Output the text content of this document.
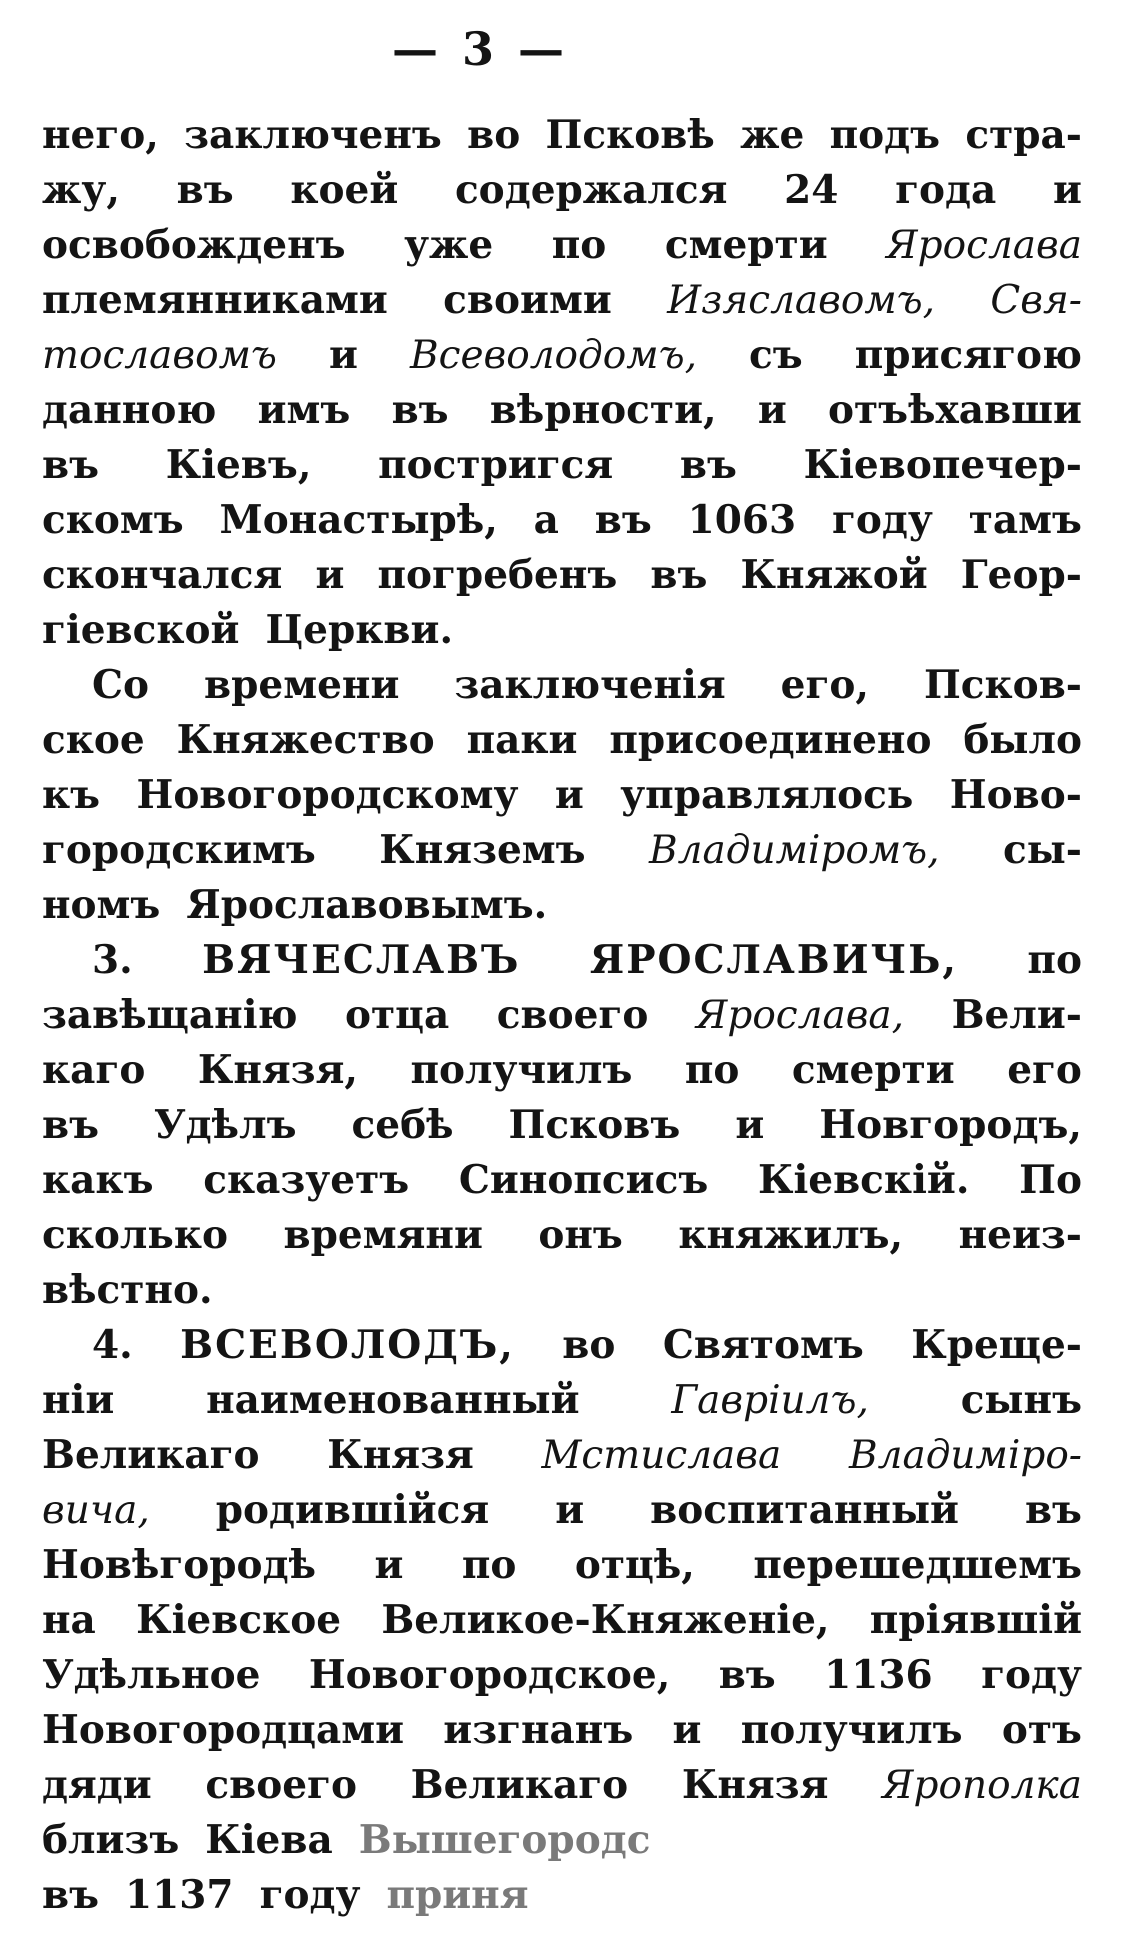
— 3 —
него, заключенъ во Псковѣ же подъ стра-
жу, въ коей содержался 24 года и
освобожденъ уже по смерти Ярослава
племянниками своими Изяславомъ, Свя-
тославомъ и Всеволодомъ, съ присягою
данною имъ въ вѣрности, и отъѣхавши
въ Кіевъ, постригся въ Кіевопечер-
скомъ Монастырѣ, а въ 1063 году тамъ
скончался и погребенъ въ Княжой Геор-
гіевской Церкви.
Со времени заключенія его, Псков-
ское Княжество паки присоединено было
къ Новогородскому и управлялось Ново-
городскимъ Княземъ Владиміромъ, сы-
номъ Ярославовымъ.
3. ВЯЧЕСЛАВЪ ЯРОСЛАВИЧЬ, по
завѣщанію отца своего Ярослава, Вели-
каго Князя, получилъ по смерти его
въ Удѣлъ себѣ Псковъ и Новгородъ,
какъ сказуетъ Синопсисъ Кіевскій. По
сколько времяни онъ княжилъ, неиз-
вѣстно.
4. ВСЕВОЛОДЪ, во Святомъ Креще-
ніи наименованный Гавріилъ, сынъ
Великаго Князя Мстислава Владиміро-
вича, родившійся и воспитанный въ
Новѣгородѣ и по отцѣ, перешедшемъ
на Кіевское Великое-Княженіе, пріявшій
Удѣльное Новогородское, въ 1136 году
Новогородцами изгнанъ и получилъ отъ
дяди своего Великаго Князя Ярополка
близъ Кіева Вышегородс
въ 1137 году приня
